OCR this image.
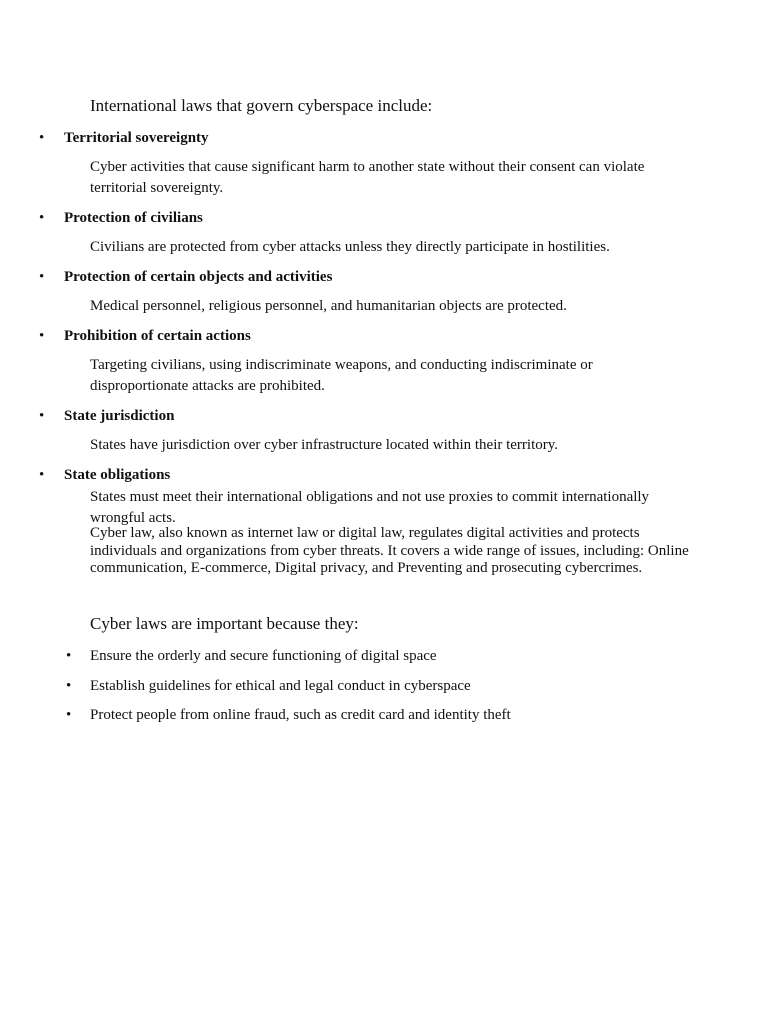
International laws that govern cyberspace include:

• Territorial sovereignty
Cyber activities that cause significant harm to another state without their consent can violate territorial sovereignty.
• Protection of civilians
Civilians are protected from cyber attacks unless they directly participate in hostilities.
• Protection of certain objects and activities
Medical personnel, religious personnel, and humanitarian objects are protected.
• Prohibition of certain actions
Targeting civilians, using indiscriminate weapons, and conducting indiscriminate or disproportionate attacks are prohibited.
• State jurisdiction
States have jurisdiction over cyber infrastructure located within their territory.
• State obligations
States must meet their international obligations and not use proxies to commit internationally wrongful acts.

Cyber law, also known as internet law or digital law, regulates digital activities and protects individuals and organizations from cyber threats. It covers a wide range of issues, including: Online communication, E-commerce, Digital privacy, and Preventing and prosecuting cybercrimes.

Cyber laws are important because they:

• Ensure the orderly and secure functioning of digital space
• Establish guidelines for ethical and legal conduct in cyberspace
• Protect people from online fraud, such as credit card and identity theft
